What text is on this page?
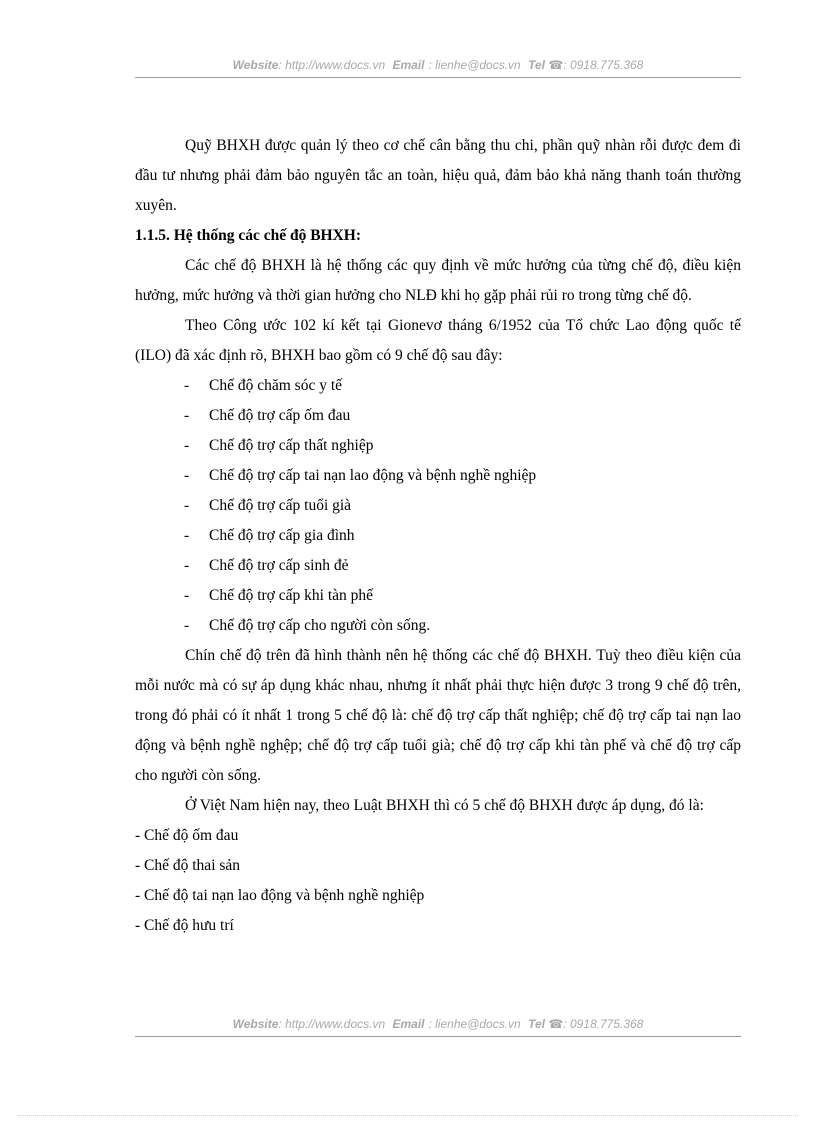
Website: http://www.docs.vn Email : lienhe@docs.vn Tel ☎: 0918.775.368

Quỹ BHXH được quản lý theo cơ chế cân bằng thu chi, phần quỹ nhàn rỗi được đem đi đầu tư nhưng phải đảm bảo nguyên tắc an toàn, hiệu quả, đảm bảo khả năng thanh toán thường xuyên.

1.1.5. Hệ thống các chế độ BHXH:

Các chế độ BHXH là hệ thống các quy định về mức hưởng của từng chế độ, điều kiện hưởng, mức hưởng và thời gian hưởng cho NLĐ khi họ gặp phải rủi ro trong từng chế độ.

Theo Công ước 102 kí kết tại Gionevơ tháng 6/1952 của Tổ chức Lao động quốc tế (ILO) đã xác định rõ, BHXH bao gồm có 9 chế độ sau đây:

- Chế độ chăm sóc y tế

- Chế độ trợ cấp ốm đau

- Chế độ trợ cấp thất nghiệp

- Chế độ trợ cấp tai nạn lao động và bệnh nghề nghiệp

- Chế độ trợ cấp tuổi già

- Chế độ trợ cấp gia đình

- Chế độ trợ cấp sinh đẻ

- Chế độ trợ cấp khi tàn phế

- Chế độ trợ cấp cho người còn sống.

Chín chế độ trên đã hình thành nên hệ thống các chế độ BHXH. Tuỳ theo điều kiện của mỗi nước mà có sự áp dụng khác nhau, nhưng ít nhất phải thực hiện được 3 trong 9 chế độ trên, trong đó phải có ít nhất 1 trong 5 chế độ là: chế độ trợ cấp thất nghiệp; chế độ trợ cấp tai nạn lao động và bệnh nghề nghệp; chế độ trợ cấp tuổi già; chế độ trợ cấp khi tàn phế và chế độ trợ cấp cho người còn sống.

Ở Việt Nam hiện nay, theo Luật BHXH thì có 5 chế độ BHXH được áp dụng, đó là:

- Chế độ ốm đau

- Chế độ thai sản

- Chế độ tai nạn lao động và bệnh nghề nghiệp

- Chế độ hưu trí

Website: http://www.docs.vn Email : lienhe@docs.vn Tel ☎: 0918.775.368
